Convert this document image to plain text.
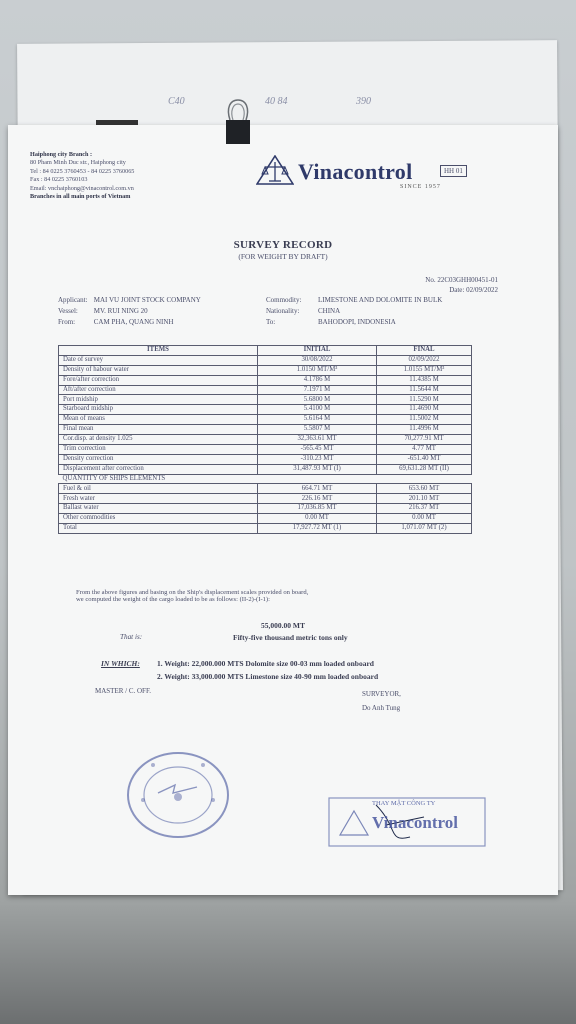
C40	40 84	390
Haiphong city Branch :
80 Pham Minh Duc str., Haiphong city
Tel : 84 0225 3760453 - 84 0225 3760065
Fax : 84 0225 3760103
Email: vnchaiphong@vinacontrol.com.vn
Branches in all main ports of Vietnam
Vinacontrol
SINCE 1957
HH 01
SURVEY RECORD
(FOR WEIGHT BY DRAFT)
No. 22C03GHH00451-01
Date: 02/09/2022
Applicant: MAI VU JOINT STOCK COMPANY
Vessel: MV. RUI NING 20
From:	CAM PHA, QUANG NINH
Commodity: LIMESTONE AND DOLOMITE IN BULK
Nationality:	CHINA
To:	BAHODOPI, INDONESIA
ITEMS	INITIAL	FINAL
Date of survey	30/08/2022	02/09/2022
Density of habour water	1.0150 MT/M³	1.0155 MT/M³
Fore/after correction	4.1786 M	11.4385 M
Aft/after correction	7.1971 M	11.5644 M
Port midship	5.6800 M	11.5290 M
Starboard midship	5.4100 M	11.4690 M
Mean of means	5.6164 M	11.5002 M
Final mean	5.5807 M	11.4996 M
Cor.disp. at density 1.025	32,363.61 MT	70,277.91 MT
Trim correction	-565.45 MT	4.77 MT
Density correction	-310.23 MT	-651.40 MT
Displacement after correction	31,487.93 MT (I)	69,631.28 MT (II)
QUANTITY OF SHIPS ELEMENTS		
Fuel & oil	664.71 MT	653.60 MT
Fresh water	226.16 MT	201.10 MT
Ballast water	17,036.85 MT	216.37 MT
Other commodities	0.00 MT	0.00 MT
Total	17,927.72 MT (1)	1,071.07 MT (2)
From the above figures and basing on the Ship's displacement scales provided on board,
we computed the weight of the cargo loaded to be as follows: (II-2)-(I-1):
55,000.00 MT
That is:	Fifty-five thousand metric tons only
IN WHICH: 1. Weight: 22,000.000 MTS Dolomite size 00-03 mm loaded onboard
2. Weight: 33,000.000 MTS Limestone size 40-90 mm loaded onboard
MASTER / C. OFF.	SURVEYOR,
Do Anh Tung
THAY MẶT CÔNG TY
Vinacontrol
